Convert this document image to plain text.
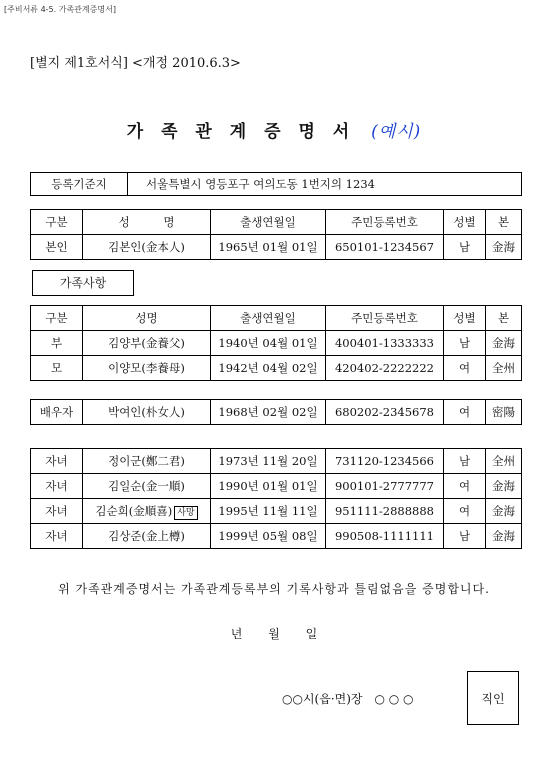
[주비서류 4-5. 가족관계증명서]
[별지 제1호서식] <개정 2010.6.3>
가 족 관 계 증 명 서 (예시)
등록기준지	서울특별시 영등포구 여의도동 1번지의 1234
구분	성 명	출생연월일	주민등록번호	성별	본
본인	김본인(金本人)	1965년 01월 01일	650101-1234567	남	金海
가족사항
구분	성명	출생연월일	주민등록번호	성별	본
부	김양부(金養父)	1940년 04월 01일	400401-1333333	남	金海
모	이양모(李養母)	1942년 04월 02일	420402-2222222	여	全州
배우자	박여인(朴女人)	1968년 02월 02일	680202-2345678	여	密陽
자녀	정이군(鄭二君)	1973년 11월 20일	731120-1234566	남	全州
자녀	김일순(金一順)	1990년 01월 01일	900101-2777777	여	金海
자녀	김순희(金順喜) 사망	1995년 11월 11일	951111-2888888	여	金海
자녀	김상준(金上樽)	1999년 05월 08일	990508-1111111	남	金海
위 가족관계증명서는 가족관계등록부의 기록사항과 틀림없음을 증명합니다.
년 월 일
○○시(읍·면)장　○ ○ ○	직인
